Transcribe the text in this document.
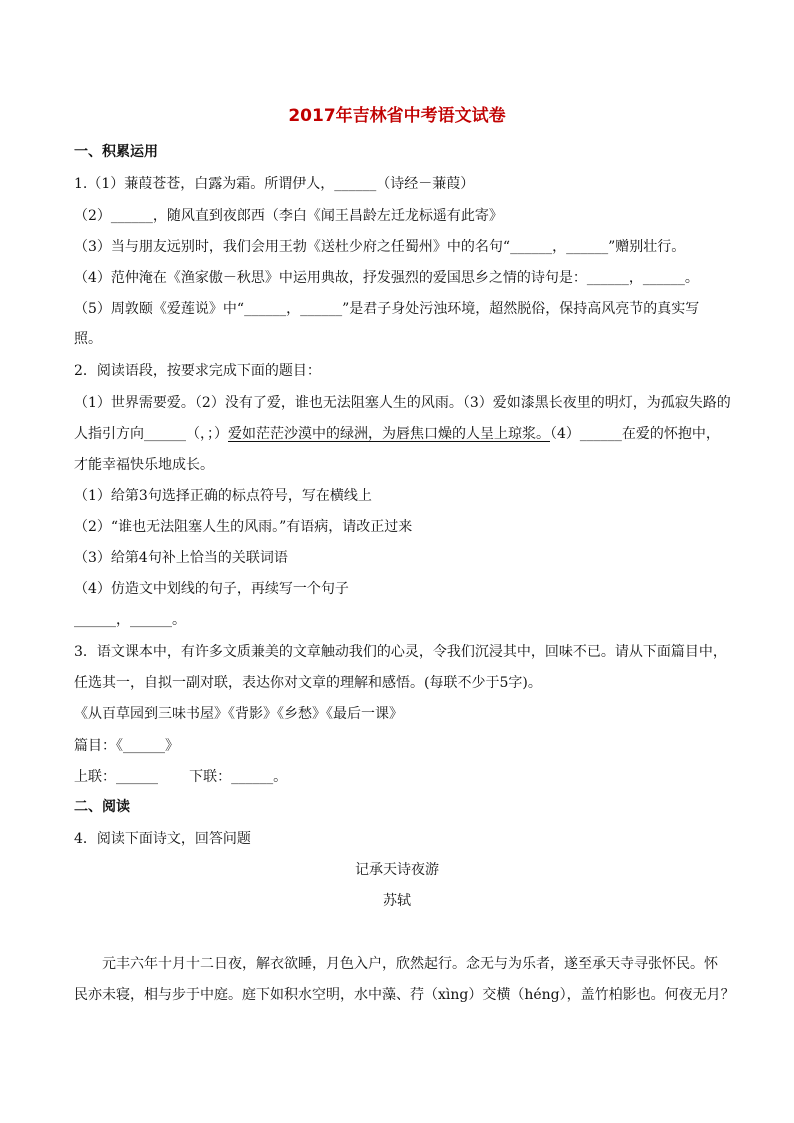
2017年吉林省中考语文试卷
一、积累运用
1.（1）蒹葭苍苍，白露为霜。所谓伊人，______（诗经－蒹葭）
（2）______，随风直到夜郎西（李白《闻王昌龄左迁龙标遥有此寄》
（3）当与朋友远别时，我们会用王勃《送杜少府之任蜀州》中的名句“______，______”赠别壮行。
（4）范仲淹在《渔家傲－秋思》中运用典故，抒发强烈的爱国思乡之情的诗句是：______，______。
（5）周敦颐《爱莲说》中“______，______”是君子身处污浊环境，超然脱俗，保持高风亮节的真实写
照。
2．阅读语段，按要求完成下面的题目：
（1）世界需要爱。（2）没有了爱，谁也无法阻塞人生的风雨。（3）爱如漆黑长夜里的明灯，为孤寂失路的
人指引方向______（，；）爱如茫茫沙漠中的绿洲，为唇焦口燥的人呈上琼浆。（4）______在爱的怀抱中，
才能幸福快乐地成长。
（1）给第3句选择正确的标点符号，写在横线上
（2）“谁也无法阻塞人生的风雨。”有语病，请改正过来
（3）给第4句补上恰当的关联词语
（4）仿造文中划线的句子，再续写一个句子
______，______。
3．语文课本中，有许多文质兼美的文章触动我们的心灵，令我们沉浸其中，回味不已。请从下面篇目中，
任选其一，自拟一副对联，表达你对文章的理解和感悟。(每联不少于5字)。
《从百草园到三味书屋》《背影》《乡愁》《最后一课》
篇目：《______》
上联：______       下联：______。
二、阅读
4．阅读下面诗文，回答问题
记承天诗夜游
苏轼
元丰六年十月十二日夜，解衣欲睡，月色入户，欣然起行。念无与为乐者，遂至承天寺寻张怀民。怀
民亦未寝，相与步于中庭。庭下如积水空明，水中藻、荇（xìng）交横（héng），盖竹柏影也。何夜无月？
